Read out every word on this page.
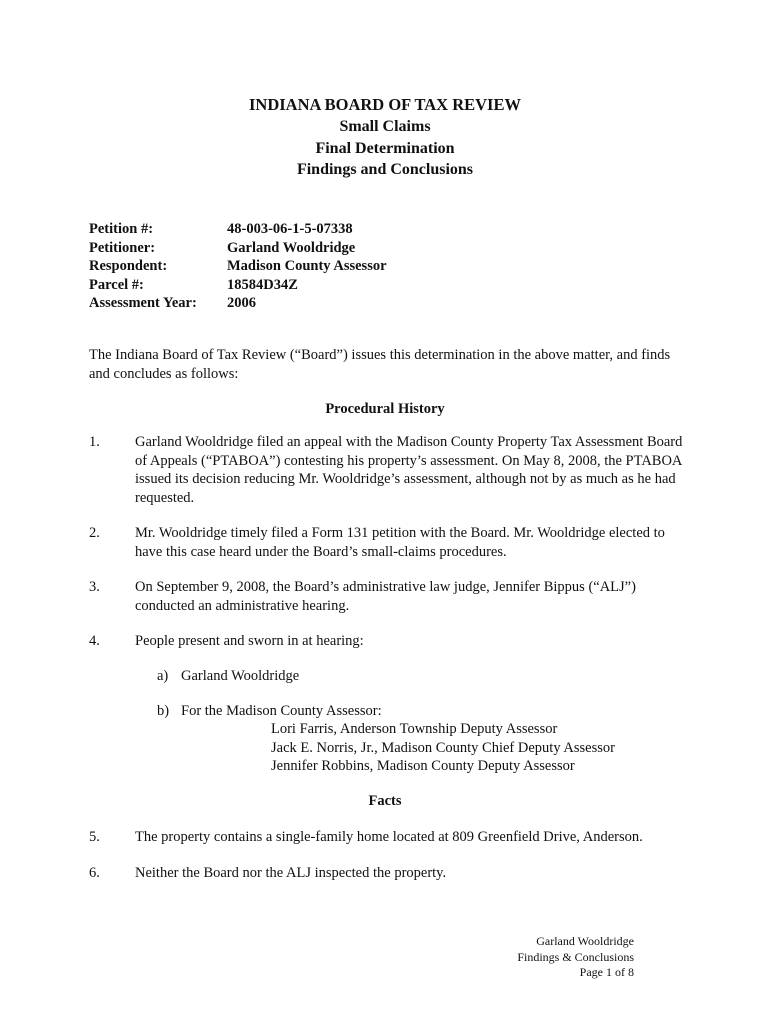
INDIANA BOARD OF TAX REVIEW
Small Claims
Final Determination
Findings and Conclusions
Petition #:	48-003-06-1-5-07338
Petitioner:	Garland Wooldridge
Respondent:	Madison County Assessor
Parcel #:	18584D34Z
Assessment Year:	2006
The Indiana Board of Tax Review (“Board”) issues this determination in the above matter, and finds and concludes as follows:
Procedural History
1.	Garland Wooldridge filed an appeal with the Madison County Property Tax Assessment Board of Appeals (“PTABOA”) contesting his property’s assessment. On May 8, 2008, the PTABOA issued its decision reducing Mr. Wooldridge’s assessment, although not by as much as he had requested.
2.	Mr. Wooldridge timely filed a Form 131 petition with the Board. Mr. Wooldridge elected to have this case heard under the Board’s small-claims procedures.
3.	On September 9, 2008, the Board’s administrative law judge, Jennifer Bippus (“ALJ”) conducted an administrative hearing.
4.	People present and sworn in at hearing:
a) Garland Wooldridge
b) For the Madison County Assessor:
Lori Farris, Anderson Township Deputy Assessor
Jack E. Norris, Jr., Madison County Chief Deputy Assessor
Jennifer Robbins, Madison County Deputy Assessor
Facts
5.	The property contains a single-family home located at 809 Greenfield Drive, Anderson.
6.	Neither the Board nor the ALJ inspected the property.
Garland Wooldridge
Findings & Conclusions
Page 1 of 8
